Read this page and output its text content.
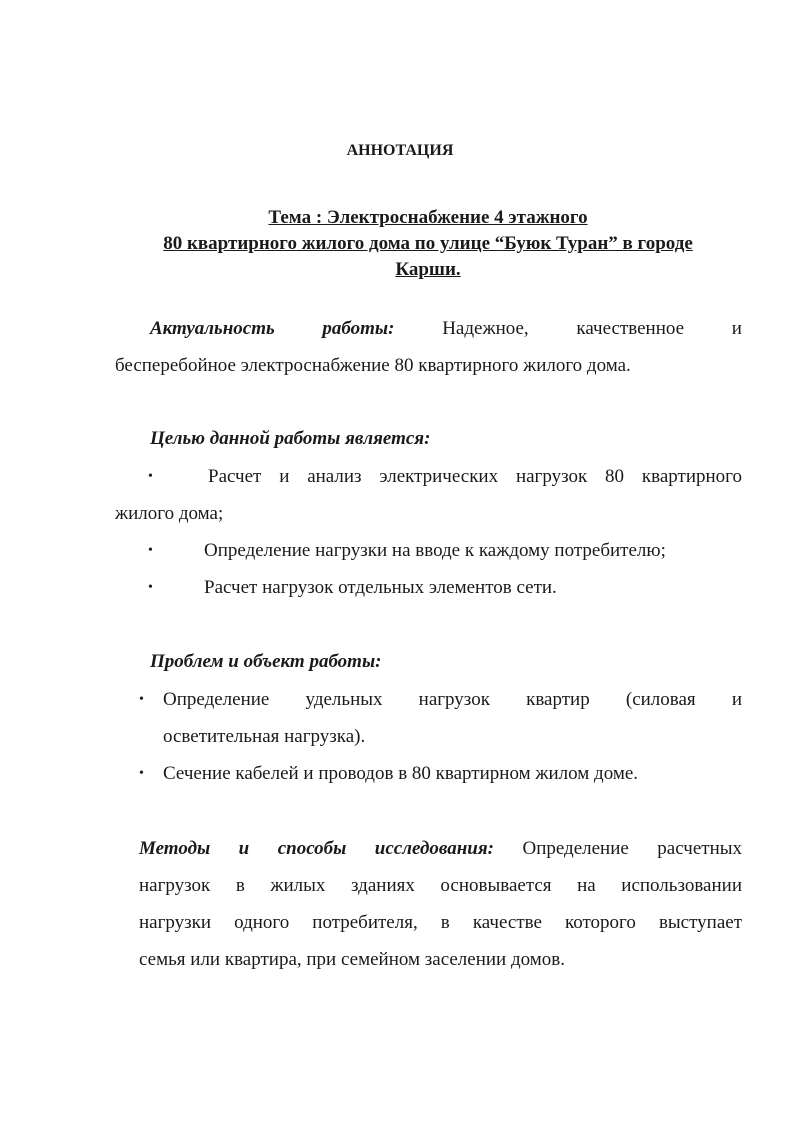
АННОТАЦИЯ
Тема : Электроснабжение 4 этажного
80 квартирного жилого дома по улице “Буюк Туран” в городе
Карши.
Актуальность	работы:	Надежное,	качественное	и
бесперебойное электроснабжение 80 квартирного жилого дома.
Целью данной работы является:
•	Расчет и анализ электрических нагрузок 80 квартирного
жилого дома;
•	Определение нагрузки на вводе к каждому потребителю;
•	Расчет нагрузок отдельных элементов сети.
Проблем и объект работы:
• Определение удельных нагрузок квартир (силовая и
осветительная нагрузка).
• Сечение кабелей и проводов в 80 квартирном жилом доме.
Методы и способы исследования: Определение расчетных
нагрузок в жилых зданиях основывается на использовании
нагрузки одного потребителя, в качестве которого выступает
семья или квартира, при семейном заселении домов.
